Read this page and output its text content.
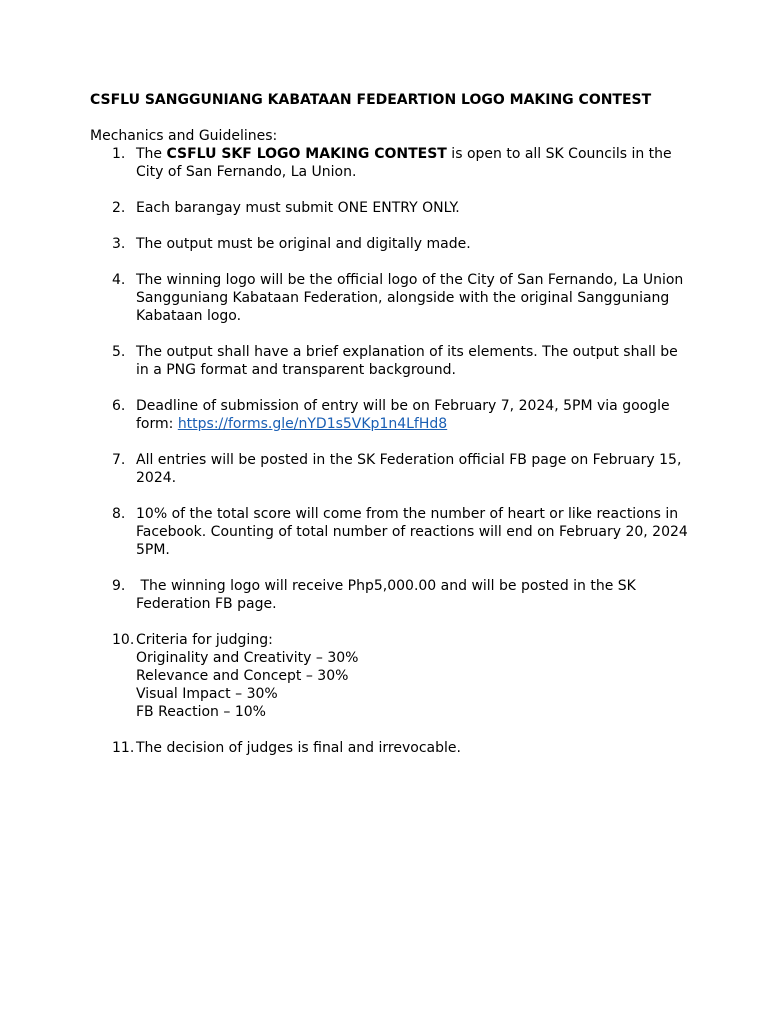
CSFLU SANGGUNIANG KABATAAN FEDEARTION LOGO MAKING CONTEST

Mechanics and Guidelines:

1. The CSFLU SKF LOGO MAKING CONTEST is open to all SK Councils in the City of San Fernando, La Union.
2. Each barangay must submit ONE ENTRY ONLY.
3. The output must be original and digitally made.
4. The winning logo will be the official logo of the City of San Fernando, La Union Sangguniang Kabataan Federation, alongside with the original Sangguniang Kabataan logo.
5. The output shall have a brief explanation of its elements. The output shall be in a PNG format and transparent background.
6. Deadline of submission of entry will be on February 7, 2024, 5PM via google form: https://forms.gle/nYD1s5VKp1n4LfHd8
7. All entries will be posted in the SK Federation official FB page on February 15, 2024.
8. 10% of the total score will come from the number of heart or like reactions in Facebook. Counting of total number of reactions will end on February 20, 2024 5PM.
9. The winning logo will receive Php5,000.00 and will be posted in the SK Federation FB page.
10. Criteria for judging:
Originality and Creativity – 30%
Relevance and Concept – 30%
Visual Impact – 30%
FB Reaction – 10%
11. The decision of judges is final and irrevocable.
